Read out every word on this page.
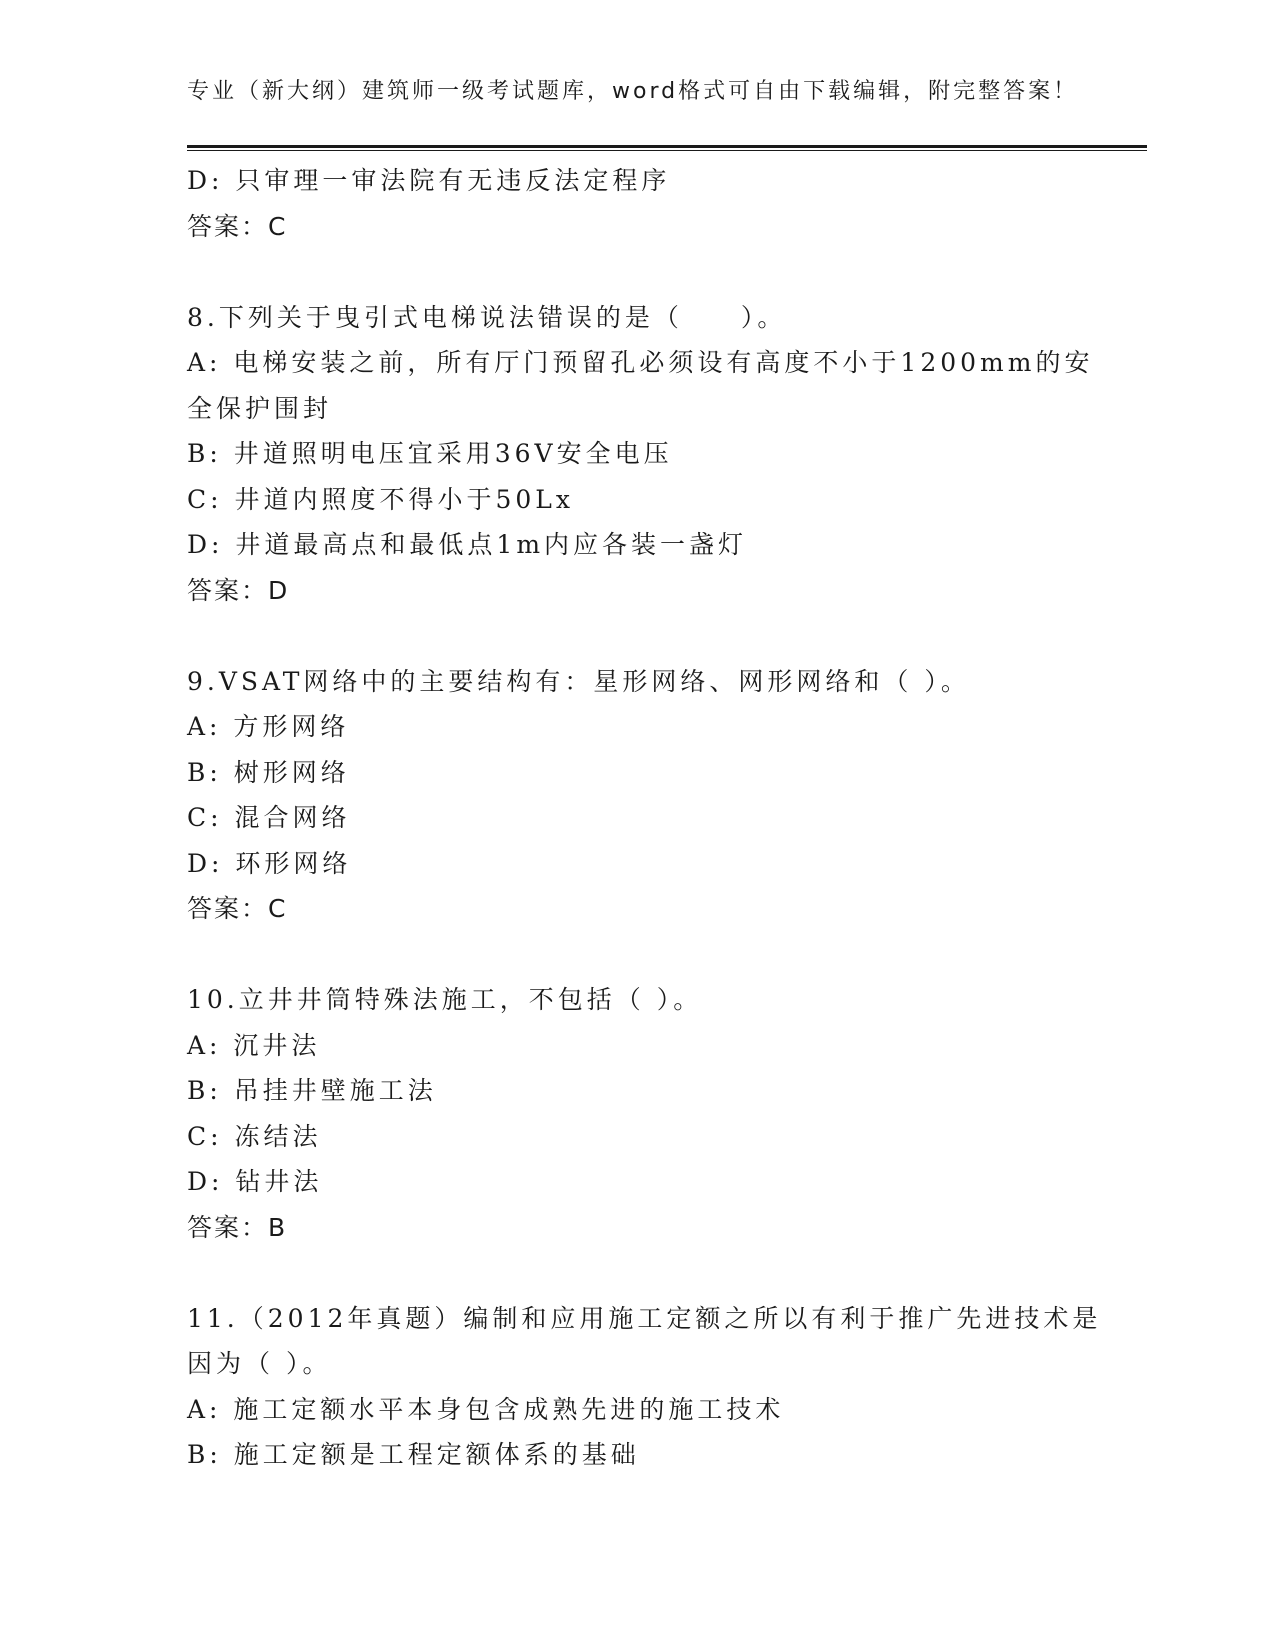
专业（新大纲）建筑师一级考试题库，word格式可自由下载编辑，附完整答案！
D: 只审理一审法院有无违反法定程序
答案：C
8.下列关于曳引式电梯说法错误的是（　　）。
A: 电梯安装之前，所有厅门预留孔必须设有高度不小于1200mm的安
全保护围封
B: 井道照明电压宜采用36V安全电压
C: 井道内照度不得小于50Lx
D: 井道最高点和最低点1m内应各装一盏灯
答案：D
9.VSAT网络中的主要结构有：星形网络、网形网络和（ ）。
A: 方形网络
B: 树形网络
C: 混合网络
D: 环形网络
答案：C
10.立井井筒特殊法施工，不包括（ ）。
A: 沉井法
B: 吊挂井壁施工法
C: 冻结法
D: 钻井法
答案：B
11.（2012年真题）编制和应用施工定额之所以有利于推广先进技术是
因为（ ）。
A: 施工定额水平本身包含成熟先进的施工技术
B: 施工定额是工程定额体系的基础
